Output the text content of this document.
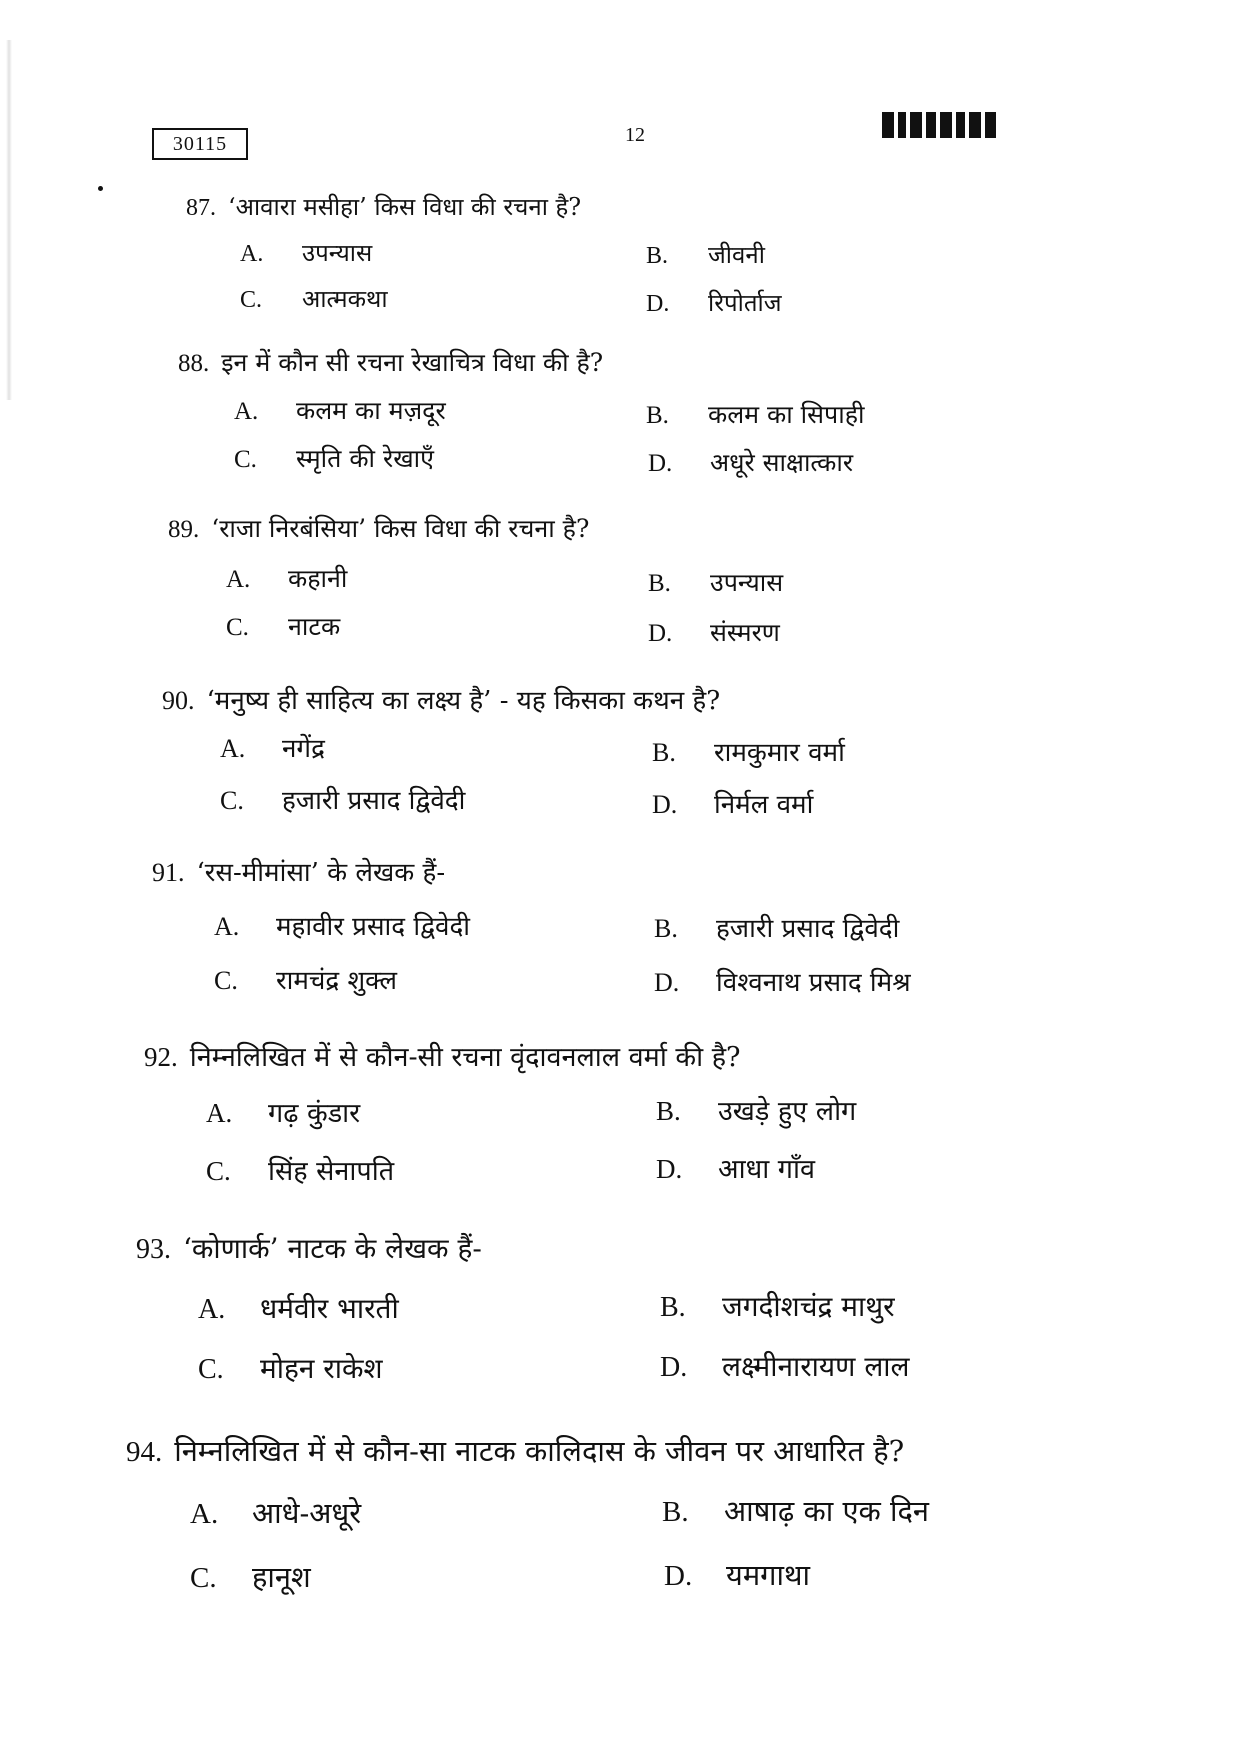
30115	12
87. ‘आवारा मसीहा’ किस विधा की रचना है?
A. उपन्यास	B. जीवनी
C. आत्मकथा	D. रिपोर्ताज
88. इन में कौन सी रचना रेखाचित्र विधा की है?
A. कलम का मज़दूर	B. कलम का सिपाही
C. स्मृति की रेखाएँ	D. अधूरे साक्षात्कार
89. ‘राजा निरबंसिया’ किस विधा की रचना है?
A. कहानी	B. उपन्यास
C. नाटक	D. संस्मरण
90. ‘मनुष्य ही साहित्य का लक्ष्य है’ - यह किसका कथन है?
A. नगेंद्र	B. रामकुमार वर्मा
C. हजारी प्रसाद द्विवेदी	D. निर्मल वर्मा
91. ‘रस-मीमांसा’ के लेखक हैं-
A. महावीर प्रसाद द्विवेदी	B. हजारी प्रसाद द्विवेदी
C. रामचंद्र शुक्ल	D. विश्वनाथ प्रसाद मिश्र
92. निम्नलिखित में से कौन-सी रचना वृंदावनलाल वर्मा की है?
A. गढ़ कुंडार	B. उखड़े हुए लोग
C. सिंह सेनापति	D. आधा गाँव
93. ‘कोणार्क’ नाटक के लेखक हैं-
A. धर्मवीर भारती	B. जगदीशचंद्र माथुर
C. मोहन राकेश	D. लक्ष्मीनारायण लाल
94. निम्नलिखित में से कौन-सा नाटक कालिदास के जीवन पर आधारित है?
A. आधे-अधूरे	B. आषाढ़ का एक दिन
C. हानूश	D. यमगाथा
